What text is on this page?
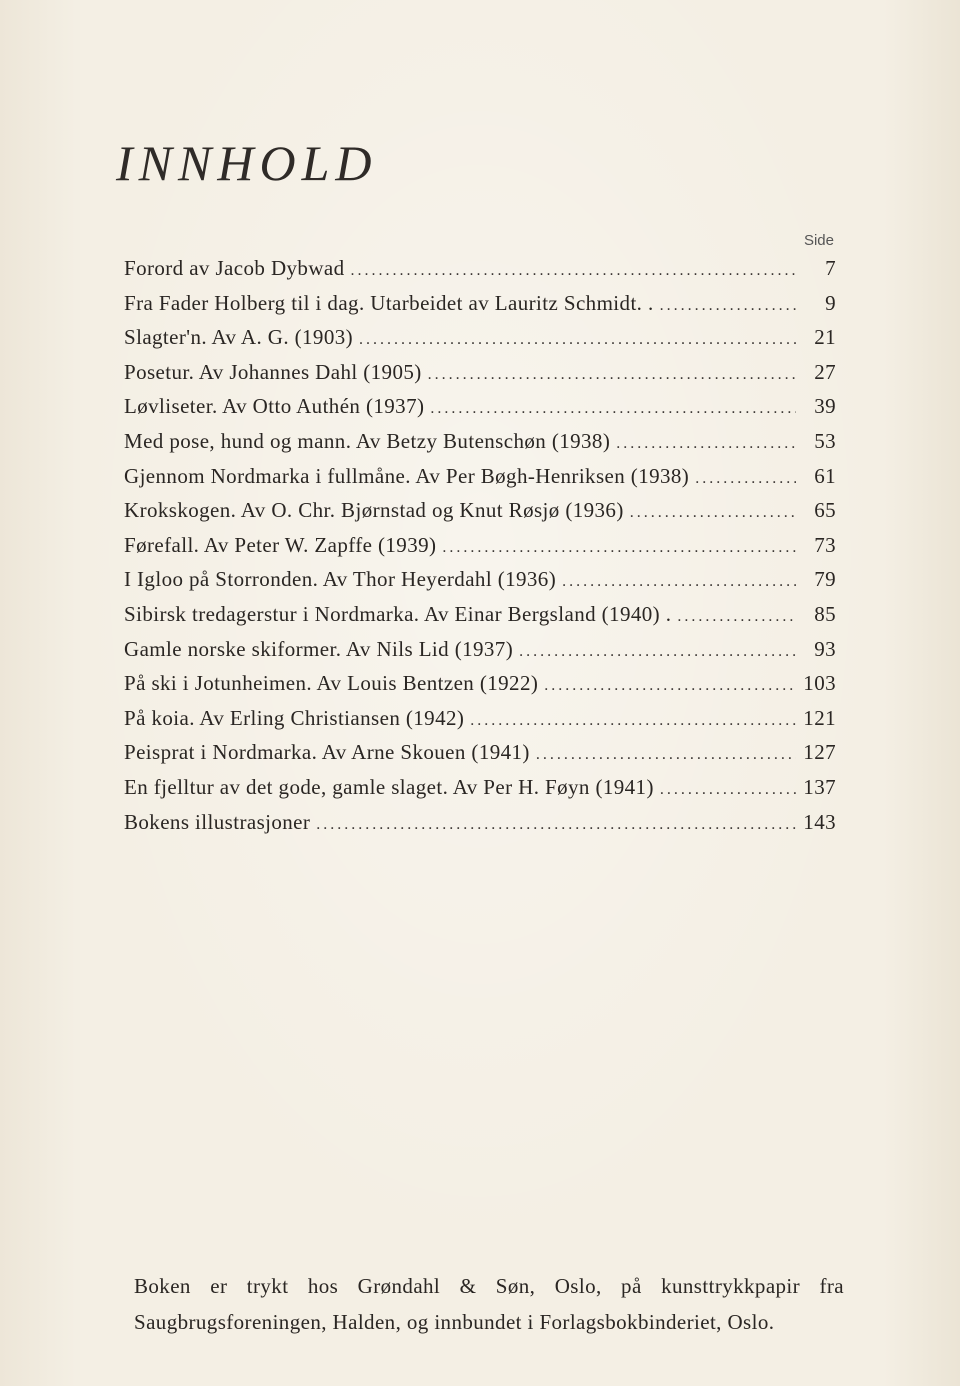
INNHOLD
Side
Forord av Jacob Dybwad .....	7
Fra Fader Holberg til i dag. Utarbeidet av Lauritz Schmidt. . .....	9
Slagter'n. Av A. G. (1903) .....	21
Posetur. Av Johannes Dahl (1905) .....	27
Løvliseter. Av Otto Authén (1937) .....	39
Med pose, hund og mann. Av Betzy Butenschøn (1938) .....	53
Gjennom Nordmarka i fullmåne. Av Per Bøgh-Henriksen (1938) .....	61
Krokskogen. Av O. Chr. Bjørnstad og Knut Røsjø (1936) .....	65
Førefall. Av Peter W. Zapffe (1939) .....	73
I Igloo på Storronden. Av Thor Heyerdahl (1936) .....	79
Sibirsk tredagerstur i Nordmarka. Av Einar Bergsland (1940) . .....	85
Gamle norske skiformer. Av Nils Lid (1937) .....	93
På ski i Jotunheimen. Av Louis Bentzen (1922) .....	103
På koia. Av Erling Christiansen (1942) .....	121
Peisprat i Nordmarka. Av Arne Skouen (1941) .....	127
En fjelltur av det gode, gamle slaget. Av Per H. Føyn (1941) .....	137
Bokens illustrasjoner .....	143
Boken er trykt hos Grøndahl & Søn, Oslo, på kunsttrykkpapir fra Saugbrugsforeningen, Halden, og innbundet i Forlagsbokbinderiet, Oslo.
